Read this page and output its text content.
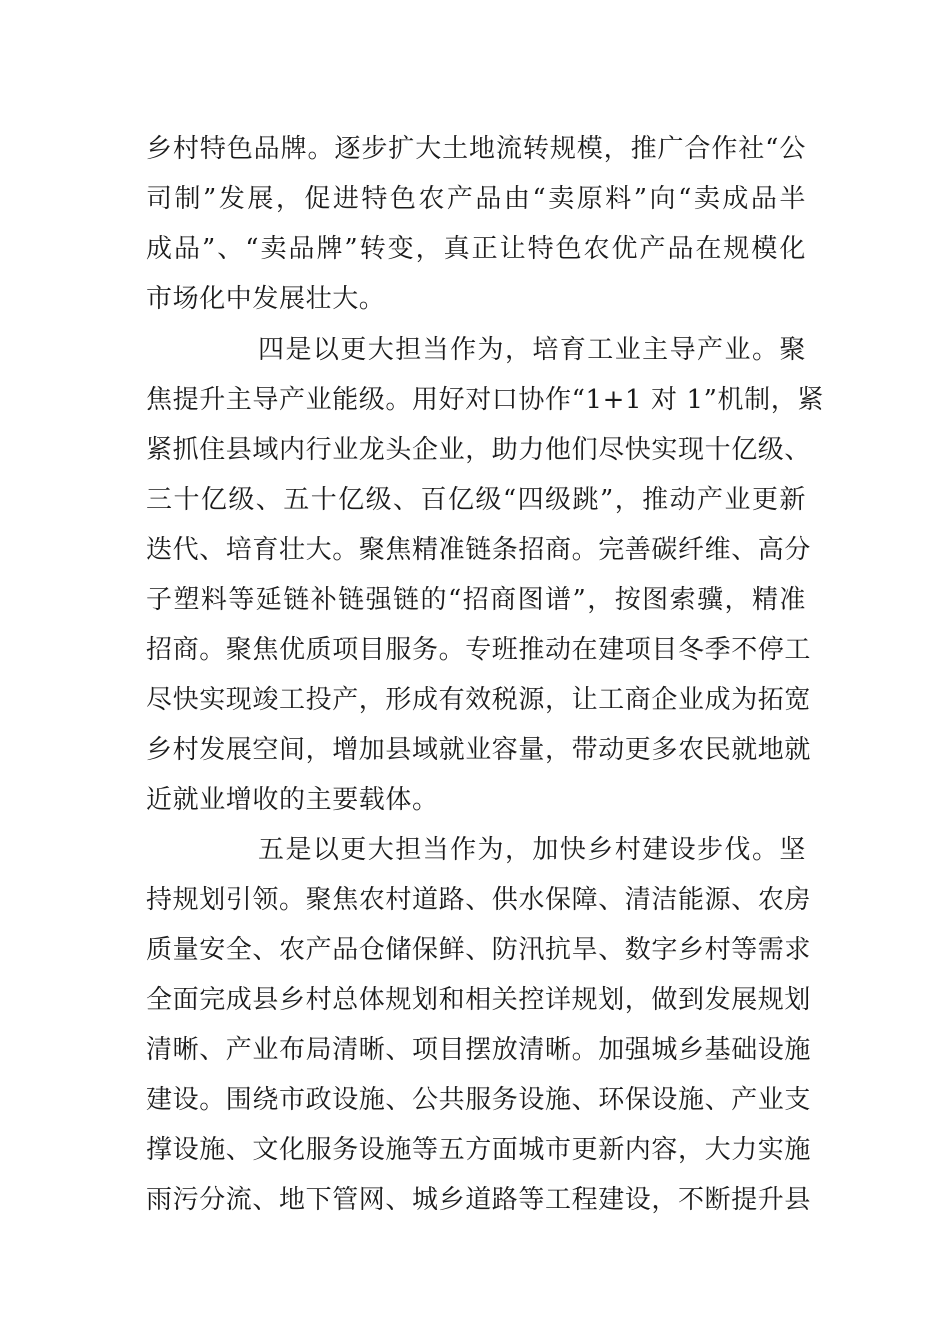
乡村特色品牌。逐步扩大土地流转规模，推广合作社“公
司制”发展，促进特色农产品由“卖原料”向“卖成品半
成品”、“卖品牌”转变，真正让特色农优产品在规模化
市场化中发展壮大。
四是以更大担当作为，培育工业主导产业。聚
焦提升主导产业能级。用好对口协作“1+1 对 1”机制，紧
紧抓住县域内行业龙头企业，助力他们尽快实现十亿级、
三十亿级、五十亿级、百亿级“四级跳”，推动产业更新
迭代、培育壮大。聚焦精准链条招商。完善碳纤维、高分
子塑料等延链补链强链的“招商图谱”，按图索骥，精准
招商。聚焦优质项目服务。专班推动在建项目冬季不停工
尽快实现竣工投产，形成有效税源，让工商企业成为拓宽
乡村发展空间，增加县域就业容量，带动更多农民就地就
近就业增收的主要载体。
五是以更大担当作为，加快乡村建设步伐。坚
持规划引领。聚焦农村道路、供水保障、清洁能源、农房
质量安全、农产品仓储保鲜、防汛抗旱、数字乡村等需求
全面完成县乡村总体规划和相关控详规划，做到发展规划
清晰、产业布局清晰、项目摆放清晰。加强城乡基础设施
建设。围绕市政设施、公共服务设施、环保设施、产业支
撑设施、文化服务设施等五方面城市更新内容，大力实施
雨污分流、地下管网、城乡道路等工程建设，不断提升县
